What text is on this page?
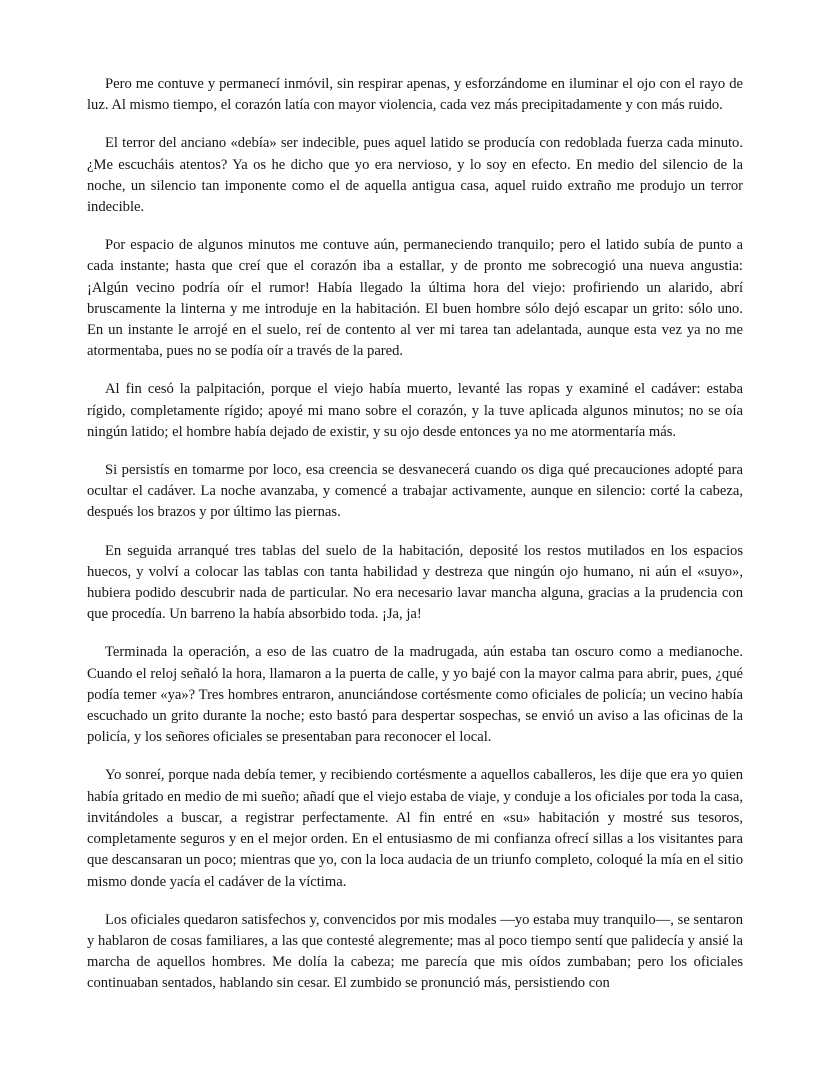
Pero me contuve y permanecí inmóvil, sin respirar apenas, y esforzándome en iluminar el ojo con el rayo de luz. Al mismo tiempo, el corazón latía con mayor violencia, cada vez más precipitadamente y con más ruido.

El terror del anciano «debía» ser indecible, pues aquel latido se producía con redoblada fuerza cada minuto. ¿Me escucháis atentos? Ya os he dicho que yo era nervioso, y lo soy en efecto. En medio del silencio de la noche, un silencio tan imponente como el de aquella antigua casa, aquel ruido extraño me produjo un terror indecible.

Por espacio de algunos minutos me contuve aún, permaneciendo tranquilo; pero el latido subía de punto a cada instante; hasta que creí que el corazón iba a estallar, y de pronto me sobrecogió una nueva angustia: ¡Algún vecino podría oír el rumor! Había llegado la última hora del viejo: profiriendo un alarido, abrí bruscamente la linterna y me introduje en la habitación. El buen hombre sólo dejó escapar un grito: sólo uno. En un instante le arrojé en el suelo, reí de contento al ver mi tarea tan adelantada, aunque esta vez ya no me atormentaba, pues no se podía oír a través de la pared.

Al fin cesó la palpitación, porque el viejo había muerto, levanté las ropas y examiné el cadáver: estaba rígido, completamente rígido; apoyé mi mano sobre el corazón, y la tuve aplicada algunos minutos; no se oía ningún latido; el hombre había dejado de existir, y su ojo desde entonces ya no me atormentaría más.

Si persistís en tomarme por loco, esa creencia se desvanecerá cuando os diga qué precauciones adopté para ocultar el cadáver. La noche avanzaba, y comencé a trabajar activamente, aunque en silencio: corté la cabeza, después los brazos y por último las piernas.

En seguida arranqué tres tablas del suelo de la habitación, deposité los restos mutilados en los espacios huecos, y volví a colocar las tablas con tanta habilidad y destreza que ningún ojo humano, ni aún el «suyo», hubiera podido descubrir nada de particular. No era necesario lavar mancha alguna, gracias a la prudencia con que procedía. Un barreno la había absorbido toda. ¡Ja, ja!

Terminada la operación, a eso de las cuatro de la madrugada, aún estaba tan oscuro como a medianoche. Cuando el reloj señaló la hora, llamaron a la puerta de calle, y yo bajé con la mayor calma para abrir, pues, ¿qué podía temer «ya»? Tres hombres entraron, anunciándose cortésmente como oficiales de policía; un vecino había escuchado un grito durante la noche; esto bastó para despertar sospechas, se envió un aviso a las oficinas de la policía, y los señores oficiales se presentaban para reconocer el local.

Yo sonreí, porque nada debía temer, y recibiendo cortésmente a aquellos caballeros, les dije que era yo quien había gritado en medio de mi sueño; añadí que el viejo estaba de viaje, y conduje a los oficiales por toda la casa, invitándoles a buscar, a registrar perfectamente. Al fin entré en «su» habitación y mostré sus tesoros, completamente seguros y en el mejor orden. En el entusiasmo de mi confianza ofrecí sillas a los visitantes para que descansaran un poco; mientras que yo, con la loca audacia de un triunfo completo, coloqué la mía en el sitio mismo donde yacía el cadáver de la víctima.

Los oficiales quedaron satisfechos y, convencidos por mis modales —yo estaba muy tranquilo—, se sentaron y hablaron de cosas familiares, a las que contesté alegremente; mas al poco tiempo sentí que palidecía y ansié la marcha de aquellos hombres. Me dolía la cabeza; me parecía que mis oídos zumbaban; pero los oficiales continuaban sentados, hablando sin cesar. El zumbido se pronunció más, persistiendo con
